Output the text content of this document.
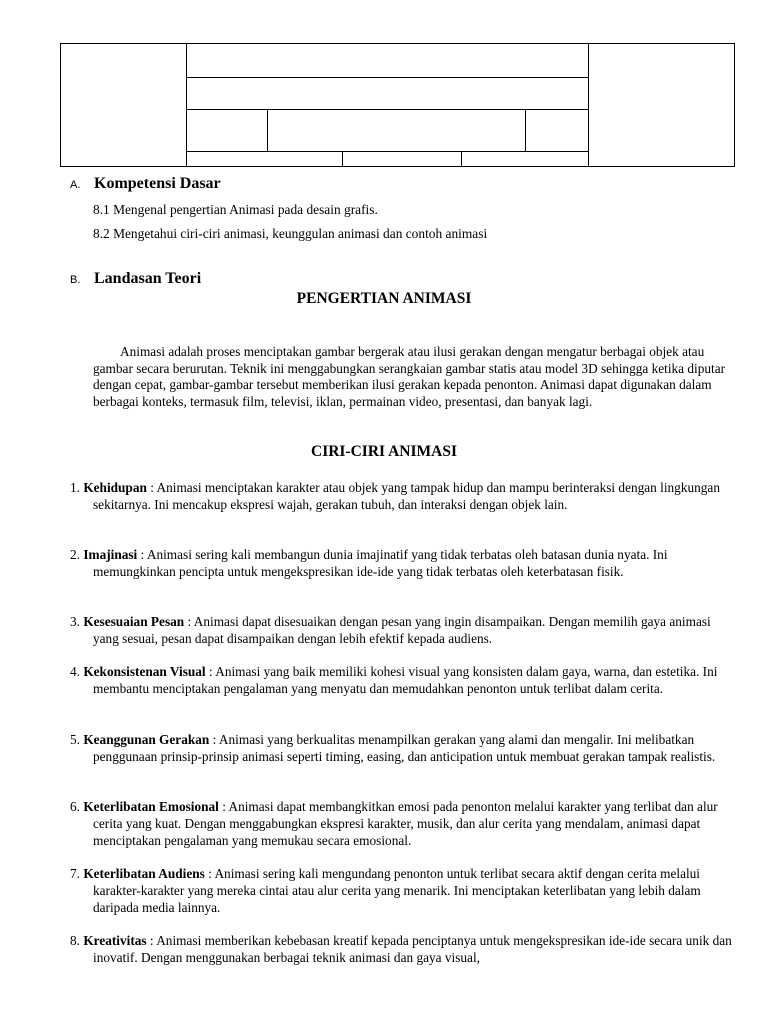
A. Kompetensi Dasar
8.1 Mengenal pengertian Animasi pada desain grafis.
8.2 Mengetahui ciri-ciri animasi, keunggulan animasi dan contoh animasi
B. Landasan Teori
PENGERTIAN ANIMASI
Animasi adalah proses menciptakan gambar bergerak atau ilusi gerakan dengan mengatur berbagai objek atau gambar secara berurutan. Teknik ini menggabungkan serangkaian gambar statis atau model 3D sehingga ketika diputar dengan cepat, gambar-gambar tersebut memberikan ilusi gerakan kepada penonton. Animasi dapat digunakan dalam berbagai konteks, termasuk film, televisi, iklan, permainan video, presentasi, dan banyak lagi.
CIRI-CIRI ANIMASI
1. Kehidupan : Animasi menciptakan karakter atau objek yang tampak hidup dan mampu berinteraksi dengan lingkungan sekitarnya. Ini mencakup ekspresi wajah, gerakan tubuh, dan interaksi dengan objek lain.
2. Imajinasi : Animasi sering kali membangun dunia imajinatif yang tidak terbatas oleh batasan dunia nyata. Ini memungkinkan pencipta untuk mengekspresikan ide-ide yang tidak terbatas oleh keterbatasan fisik.
3. Kesesuaian Pesan : Animasi dapat disesuaikan dengan pesan yang ingin disampaikan. Dengan memilih gaya animasi yang sesuai, pesan dapat disampaikan dengan lebih efektif kepada audiens.
4. Kekonsistenan Visual : Animasi yang baik memiliki kohesi visual yang konsisten dalam gaya, warna, dan estetika. Ini membantu menciptakan pengalaman yang menyatu dan memudahkan penonton untuk terlibat dalam cerita.
5. Keanggunan Gerakan : Animasi yang berkualitas menampilkan gerakan yang alami dan mengalir. Ini melibatkan penggunaan prinsip-prinsip animasi seperti timing, easing, dan anticipation untuk membuat gerakan tampak realistis.
6. Keterlibatan Emosional : Animasi dapat membangkitkan emosi pada penonton melalui karakter yang terlibat dan alur cerita yang kuat. Dengan menggabungkan ekspresi karakter, musik, dan alur cerita yang mendalam, animasi dapat menciptakan pengalaman yang memukau secara emosional.
7. Keterlibatan Audiens : Animasi sering kali mengundang penonton untuk terlibat secara aktif dengan cerita melalui karakter-karakter yang mereka cintai atau alur cerita yang menarik. Ini menciptakan keterlibatan yang lebih dalam daripada media lainnya.
8. Kreativitas : Animasi memberikan kebebasan kreatif kepada penciptanya untuk mengekspresikan ide-ide secara unik dan inovatif. Dengan menggunakan berbagai teknik animasi dan gaya visual,
